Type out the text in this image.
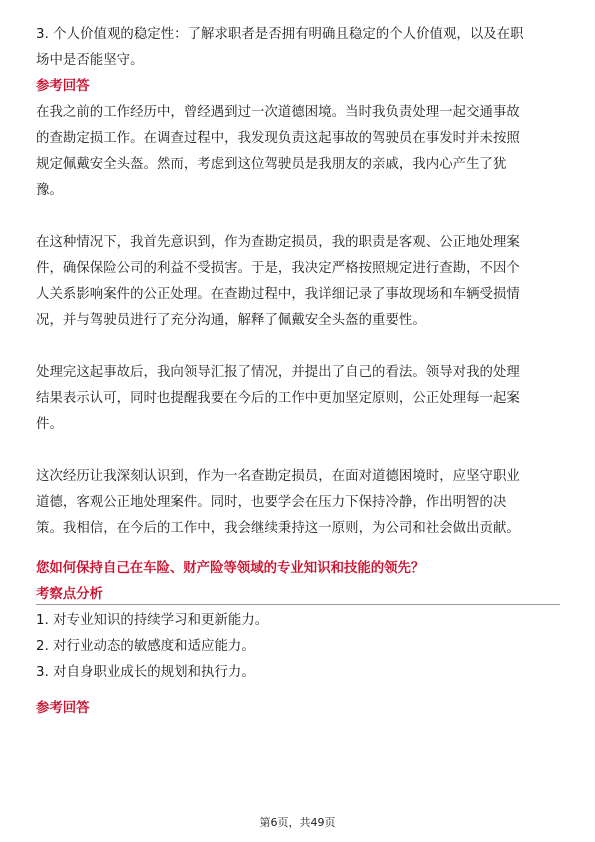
3. 个人价值观的稳定性：了解求职者是否拥有明确且稳定的个人价值观，以及在职
场中是否能坚守。
参考回答
在我之前的工作经历中，曾经遇到过一次道德困境。当时我负责处理一起交通事故
的查勘定损工作。在调查过程中，我发现负责这起事故的驾驶员在事发时并未按照
规定佩戴安全头盔。然而，考虑到这位驾驶员是我朋友的亲戚，我内心产生了犹
豫。
在这种情况下，我首先意识到，作为查勘定损员，我的职责是客观、公正地处理案
件，确保保险公司的利益不受损害。于是，我决定严格按照规定进行查勘，不因个
人关系影响案件的公正处理。在查勘过程中，我详细记录了事故现场和车辆受损情
况，并与驾驶员进行了充分沟通，解释了佩戴安全头盔的重要性。
处理完这起事故后，我向领导汇报了情况，并提出了自己的看法。领导对我的处理
结果表示认可，同时也提醒我要在今后的工作中更加坚定原则，公正处理每一起案
件。
这次经历让我深刻认识到，作为一名查勘定损员，在面对道德困境时，应坚守职业
道德，客观公正地处理案件。同时，也要学会在压力下保持冷静，作出明智的决
策。我相信，在今后的工作中，我会继续秉持这一原则，为公司和社会做出贡献。
您如何保持自己在车险、财产险等领域的专业知识和技能的领先？
考察点分析
1. 对专业知识的持续学习和更新能力。
2. 对行业动态的敏感度和适应能力。
3. 对自身职业成长的规划和执行力。
参考回答
第6页，共49页
